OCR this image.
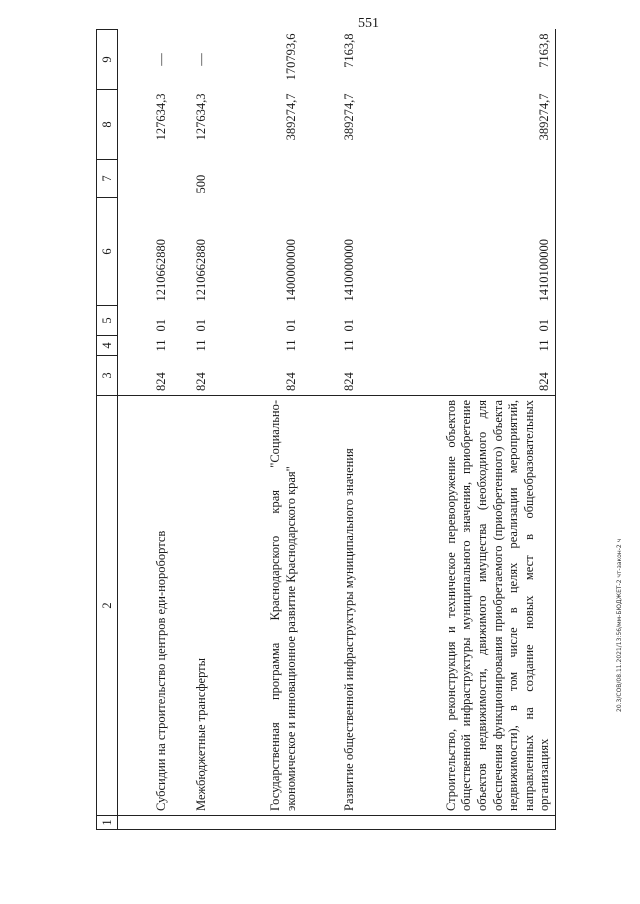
551
20.3/СОВ/08.11.2021/13:56/мм-БЮДЖЕТ-2 чт-закон-2 ч
1	2	3	4	5	6	7	8	9
	Субсидии на строительство центров еди-норобортсв	824	11	01	1210662880		127634,3	—
	Межбюджетные трансферты	824	11	01	1210662880	500	127634,3	—
	Государственная программа Краснодарского края "Социально-экономическое и инновационное развитие Краснодарского края"	824	11	01	1400000000		389274,7	170793,6
	Развитие общественной инфраструктуры муниципального значения	824	11	01	1410000000		389274,7	7163,8
	Строительство, реконструкция и техническое перевооружение объектов общественной инфраструктуры муниципального значения, приобретение объектов недвижимости, движимого имущества (необходимого для обеспечения функционирования приобретаемого (приобретенного) объекта недвижимости), в том числе в целях реализации мероприятий, направленных на создание новых мест в общеобразовательных организациях	824	11	01	1410100000		389274,7	7163,8
